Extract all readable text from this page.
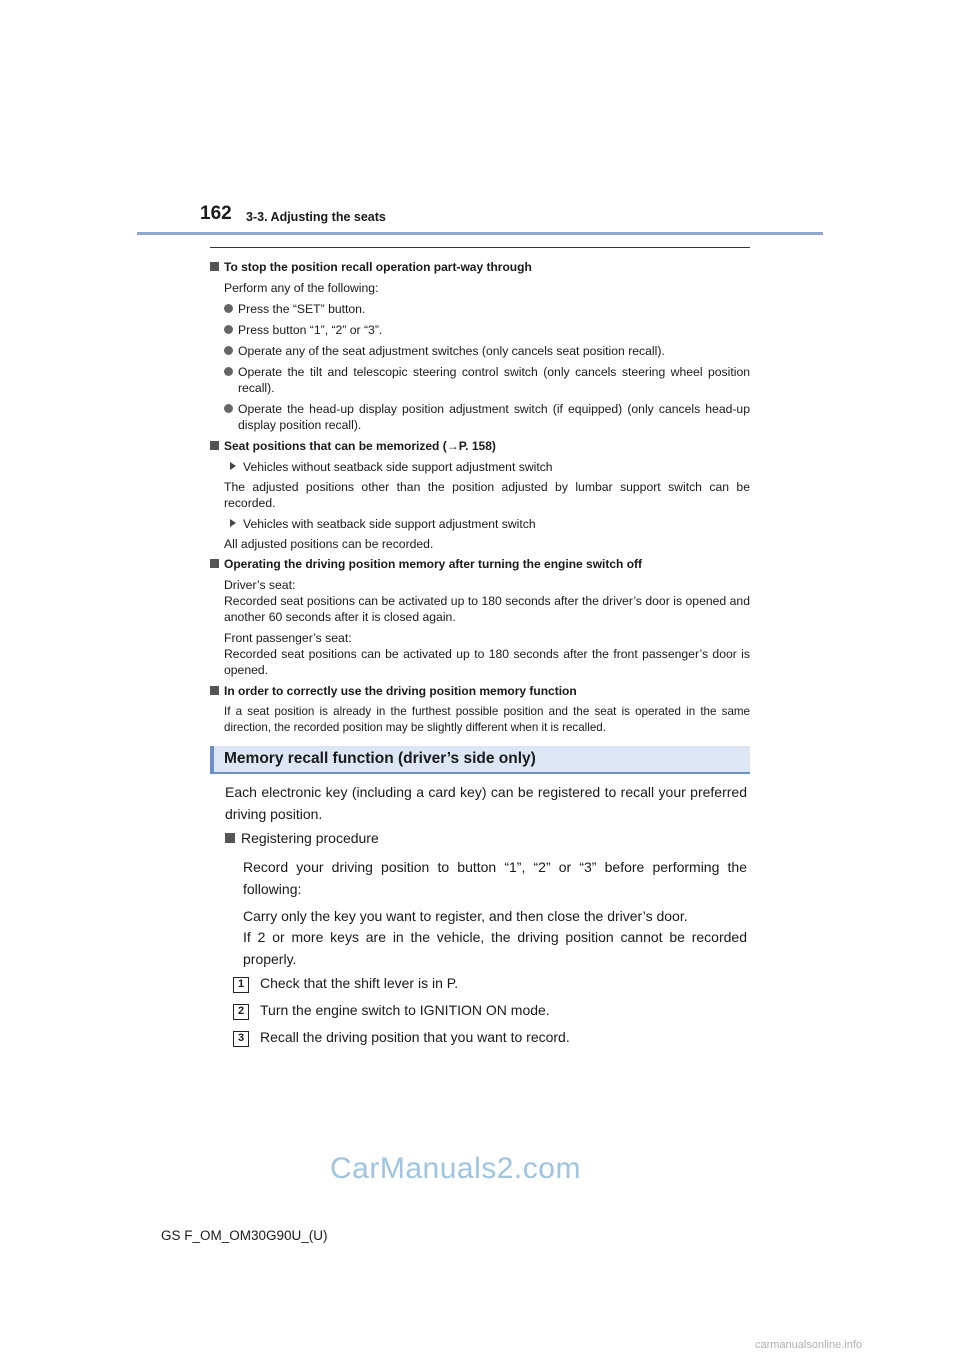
162 3-3. Adjusting the seats
To stop the position recall operation part-way through
Perform any of the following:
Press the “SET” button.
Press button “1”, “2” or “3”.
Operate any of the seat adjustment switches (only cancels seat position recall).
Operate the tilt and telescopic steering control switch (only cancels steering wheel position recall).
Operate the head-up display position adjustment switch (if equipped) (only cancels head-up display position recall).
Seat positions that can be memorized (→P. 158)
Vehicles without seatback side support adjustment switch
The adjusted positions other than the position adjusted by lumbar support switch can be recorded.
Vehicles with seatback side support adjustment switch
All adjusted positions can be recorded.
Operating the driving position memory after turning the engine switch off
Driver’s seat:
Recorded seat positions can be activated up to 180 seconds after the driver’s door is opened and another 60 seconds after it is closed again.
Front passenger’s seat:
Recorded seat positions can be activated up to 180 seconds after the front passenger’s door is opened.
In order to correctly use the driving position memory function
If a seat position is already in the furthest possible position and the seat is operated in the same direction, the recorded position may be slightly different when it is recalled.
Memory recall function (driver’s side only)
Each electronic key (including a card key) can be registered to recall your preferred driving position.
Registering procedure
Record your driving position to button “1”, “2” or “3” before performing the following:
Carry only the key you want to register, and then close the driver’s door.
If 2 or more keys are in the vehicle, the driving position cannot be recorded properly.
1	Check that the shift lever is in P.
2	Turn the engine switch to IGNITION ON mode.
3	Recall the driving position that you want to record.
CarManuals2.com
GS F_OM_OM30G90U_(U)
carmanualsonline.info
